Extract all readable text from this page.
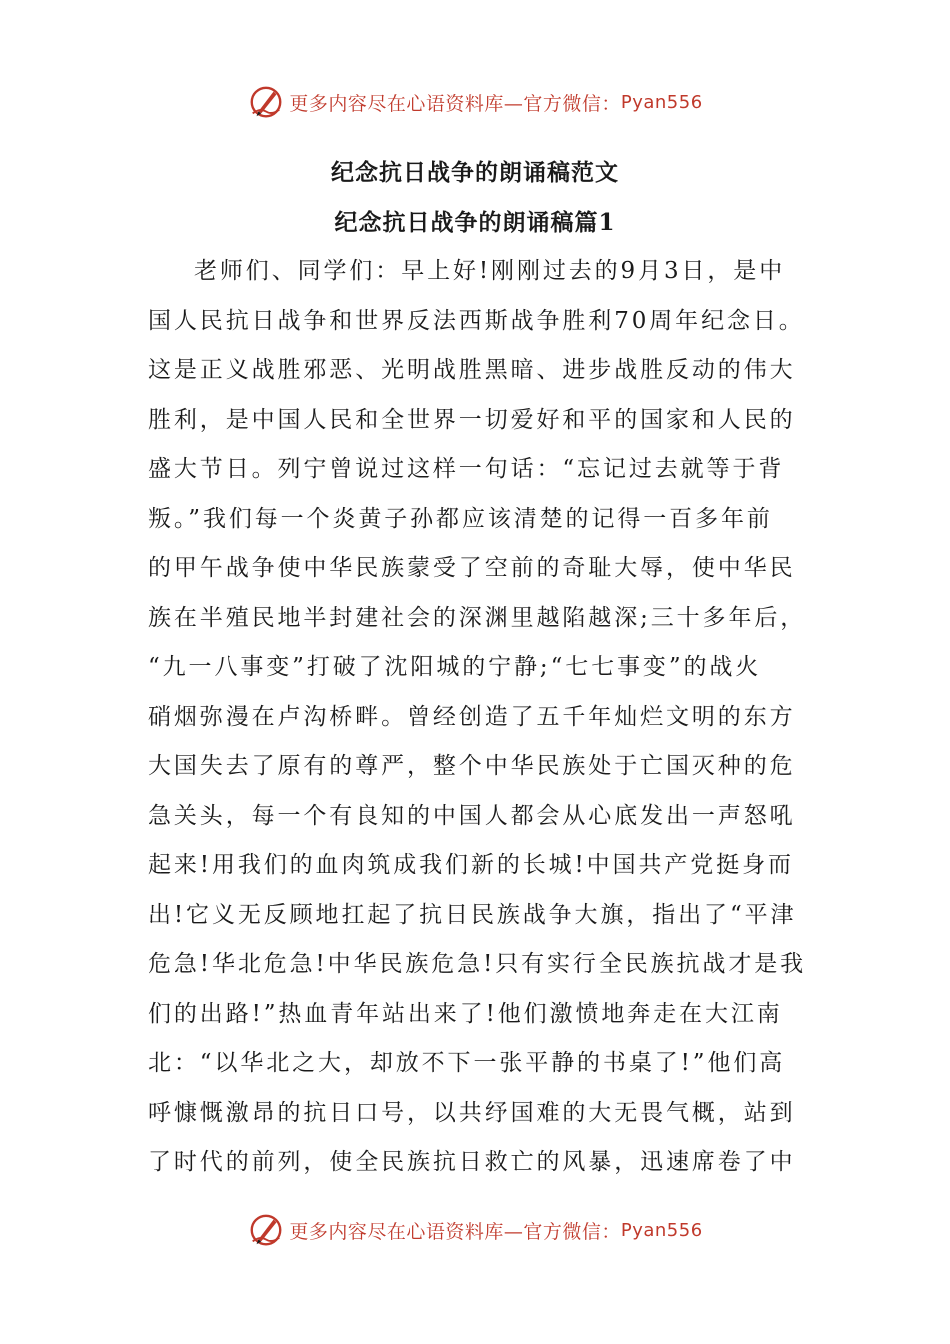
更多内容尽在心语资料库—官方微信： Pyan556
纪念抗日战争的朗诵稿范文
纪念抗日战争的朗诵稿篇1
老师们、同学们：早上好!刚刚过去的9月3日，是中
国人民抗日战争和世界反法西斯战争胜利70周年纪念日。
这是正义战胜邪恶、光明战胜黑暗、进步战胜反动的伟大
胜利，是中国人民和全世界一切爱好和平的国家和人民的
盛大节日。列宁曾说过这样一句话：“忘记过去就等于背
叛。”我们每一个炎黄子孙都应该清楚的记得一百多年前
的甲午战争使中华民族蒙受了空前的奇耻大辱，使中华民
族在半殖民地半封建社会的深渊里越陷越深;三十多年后，
“九一八事变”打破了沈阳城的宁静;“七七事变”的战火
硝烟弥漫在卢沟桥畔。曾经创造了五千年灿烂文明的东方
大国失去了原有的尊严，整个中华民族处于亡国灭种的危
急关头，每一个有良知的中国人都会从心底发出一声怒吼
起来!用我们的血肉筑成我们新的长城!中国共产党挺身而
出!它义无反顾地扛起了抗日民族战争大旗，指出了“平津
危急!华北危急!中华民族危急!只有实行全民族抗战才是我
们的出路!”热血青年站出来了!他们激愤地奔走在大江南
北：“以华北之大，却放不下一张平静的书桌了!”他们高
呼慷慨激昂的抗日口号，以共纾国难的大无畏气概，站到
了时代的前列，使全民族抗日救亡的风暴，迅速席卷了中
更多内容尽在心语资料库—官方微信： Pyan556
